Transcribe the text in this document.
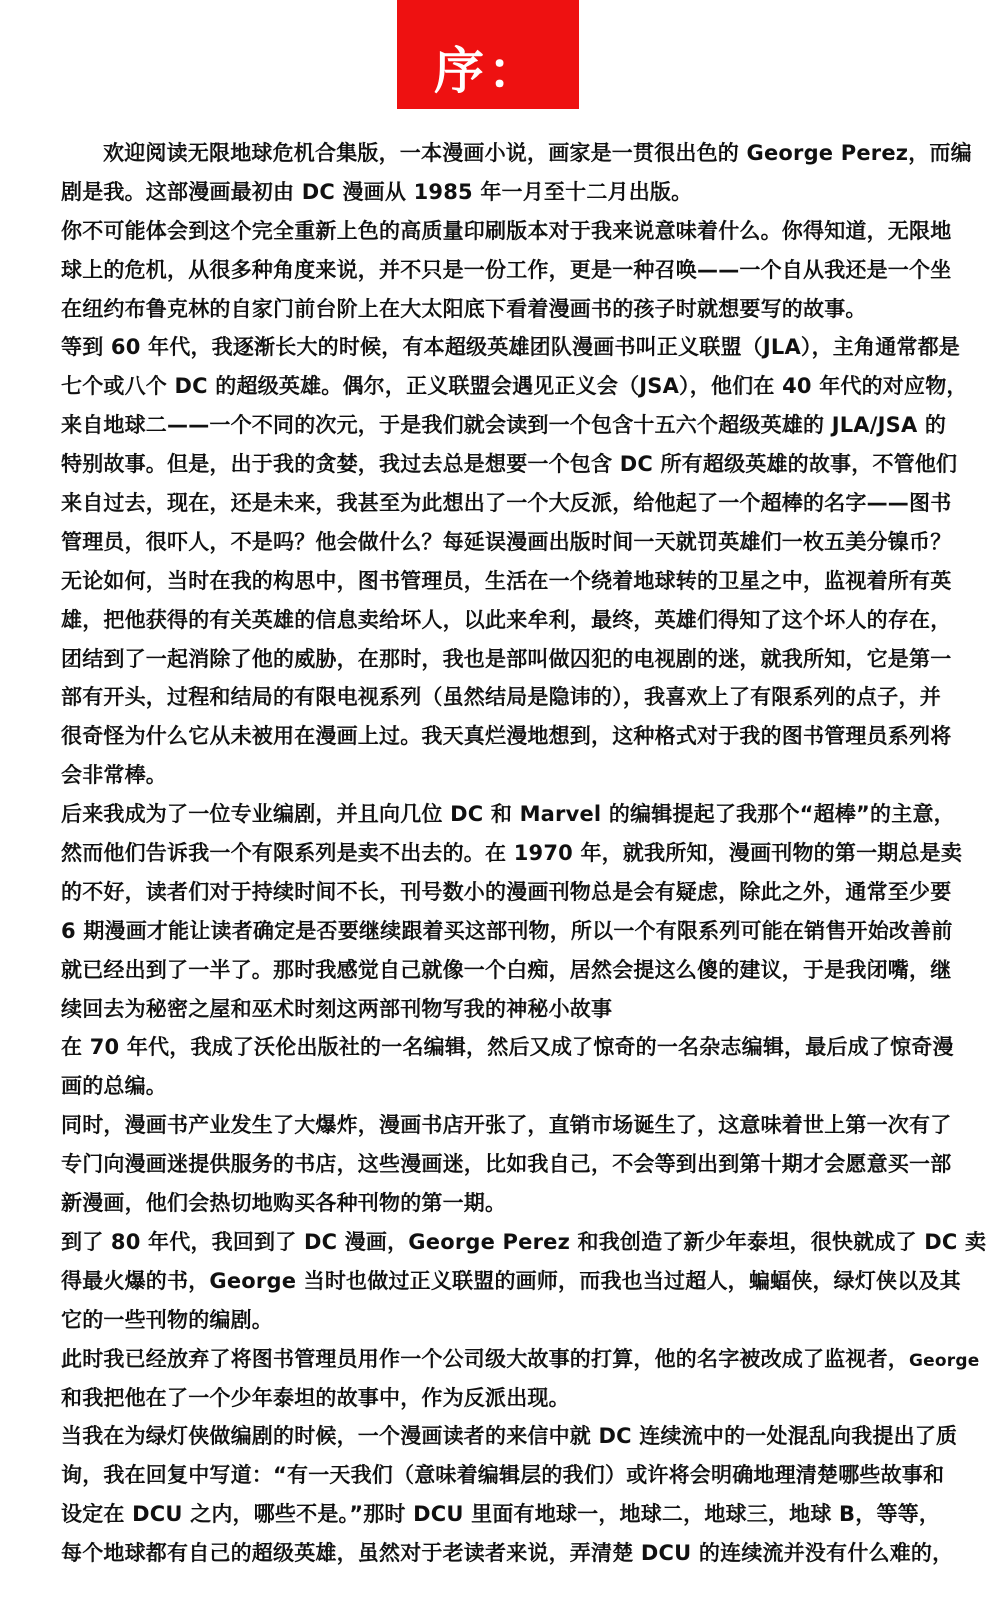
序：
欢迎阅读无限地球危机合集版，一本漫画小说，画家是一贯很出色的 George Perez，而编
剧是我。这部漫画最初由 DC 漫画从 1985 年一月至十二月出版。
你不可能体会到这个完全重新上色的高质量印刷版本对于我来说意味着什么。你得知道，无限地
球上的危机，从很多种角度来说，并不只是一份工作，更是一种召唤——一个自从我还是一个坐
在纽约布鲁克林的自家门前台阶上在大太阳底下看着漫画书的孩子时就想要写的故事。
等到 60 年代，我逐渐长大的时候，有本超级英雄团队漫画书叫正义联盟（JLA），主角通常都是
七个或八个 DC 的超级英雄。偶尔，正义联盟会遇见正义会（JSA），他们在 40 年代的对应物，
来自地球二——一个不同的次元，于是我们就会读到一个包含十五六个超级英雄的 JLA/JSA 的
特别故事。但是，出于我的贪婪，我过去总是想要一个包含 DC 所有超级英雄的故事，不管他们
来自过去，现在，还是未来，我甚至为此想出了一个大反派，给他起了一个超棒的名字——图书
管理员，很吓人，不是吗？他会做什么？每延误漫画出版时间一天就罚英雄们一枚五美分镍币？
无论如何，当时在我的构思中，图书管理员，生活在一个绕着地球转的卫星之中，监视着所有英
雄，把他获得的有关英雄的信息卖给坏人，以此来牟利，最终，英雄们得知了这个坏人的存在，
团结到了一起消除了他的威胁，在那时，我也是部叫做囚犯的电视剧的迷，就我所知，它是第一
部有开头，过程和结局的有限电视系列（虽然结局是隐讳的），我喜欢上了有限系列的点子，并
很奇怪为什么它从未被用在漫画上过。我天真烂漫地想到，这种格式对于我的图书管理员系列将
会非常棒。
后来我成为了一位专业编剧，并且向几位 DC 和 Marvel 的编辑提起了我那个“超棒”的主意，
然而他们告诉我一个有限系列是卖不出去的。在 1970 年，就我所知，漫画刊物的第一期总是卖
的不好，读者们对于持续时间不长，刊号数小的漫画刊物总是会有疑虑，除此之外，通常至少要
6 期漫画才能让读者确定是否要继续跟着买这部刊物，所以一个有限系列可能在销售开始改善前
就已经出到了一半了。那时我感觉自己就像一个白痴，居然会提这么傻的建议，于是我闭嘴，继
续回去为秘密之屋和巫术时刻这两部刊物写我的神秘小故事
在 70 年代，我成了沃伦出版社的一名编辑，然后又成了惊奇的一名杂志编辑，最后成了惊奇漫
画的总编。
同时，漫画书产业发生了大爆炸，漫画书店开张了，直销市场诞生了，这意味着世上第一次有了
专门向漫画迷提供服务的书店，这些漫画迷，比如我自己，不会等到出到第十期才会愿意买一部
新漫画，他们会热切地购买各种刊物的第一期。
到了 80 年代，我回到了 DC 漫画，George Perez 和我创造了新少年泰坦，很快就成了 DC 卖
得最火爆的书，George 当时也做过正义联盟的画师，而我也当过超人，蝙蝠侠，绿灯侠以及其
它的一些刊物的编剧。
此时我已经放弃了将图书管理员用作一个公司级大故事的打算，他的名字被改成了监视者，George
和我把他在了一个少年泰坦的故事中，作为反派出现。
当我在为绿灯侠做编剧的时候，一个漫画读者的来信中就 DC 连续流中的一处混乱向我提出了质
询，我在回复中写道：“有一天我们（意味着编辑层的我们）或许将会明确地理清楚哪些故事和
设定在 DCU 之内，哪些不是。”那时 DCU 里面有地球一，地球二，地球三，地球 B，等等，
每个地球都有自己的超级英雄，虽然对于老读者来说，弄清楚 DCU 的连续流并没有什么难的，
